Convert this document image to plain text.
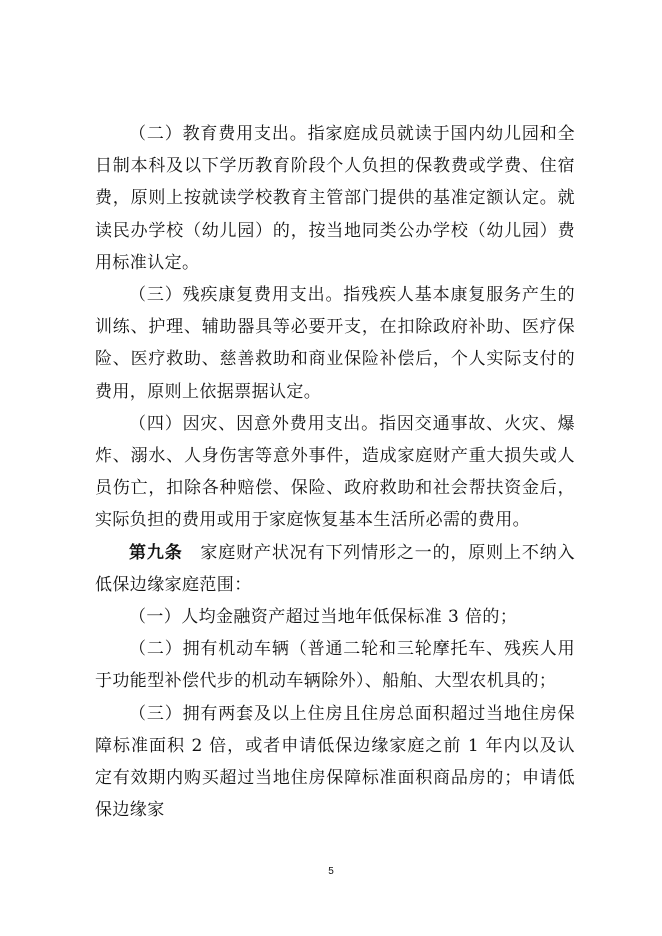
（二）教育费用支出。指家庭成员就读于国内幼儿园和全日制本科及以下学历教育阶段个人负担的保教费或学费、住宿费，原则上按就读学校教育主管部门提供的基准定额认定。就读民办学校（幼儿园）的，按当地同类公办学校（幼儿园）费用标准认定。

（三）残疾康复费用支出。指残疾人基本康复服务产生的训练、护理、辅助器具等必要开支，在扣除政府补助、医疗保险、医疗救助、慈善救助和商业保险补偿后，个人实际支付的费用，原则上依据票据认定。

（四）因灾、因意外费用支出。指因交通事故、火灾、爆炸、溺水、人身伤害等意外事件，造成家庭财产重大损失或人员伤亡，扣除各种赔偿、保险、政府救助和社会帮扶资金后，实际负担的费用或用于家庭恢复基本生活所必需的费用。

第九条　家庭财产状况有下列情形之一的，原则上不纳入低保边缘家庭范围：

（一）人均金融资产超过当地年低保标准 3 倍的；

（二）拥有机动车辆（普通二轮和三轮摩托车、残疾人用于功能型补偿代步的机动车辆除外）、船舶、大型农机具的；

（三）拥有两套及以上住房且住房总面积超过当地住房保障标准面积 2 倍，或者申请低保边缘家庭之前 1 年内以及认定有效期内购买超过当地住房保障标准面积商品房的；申请低保边缘家

5
